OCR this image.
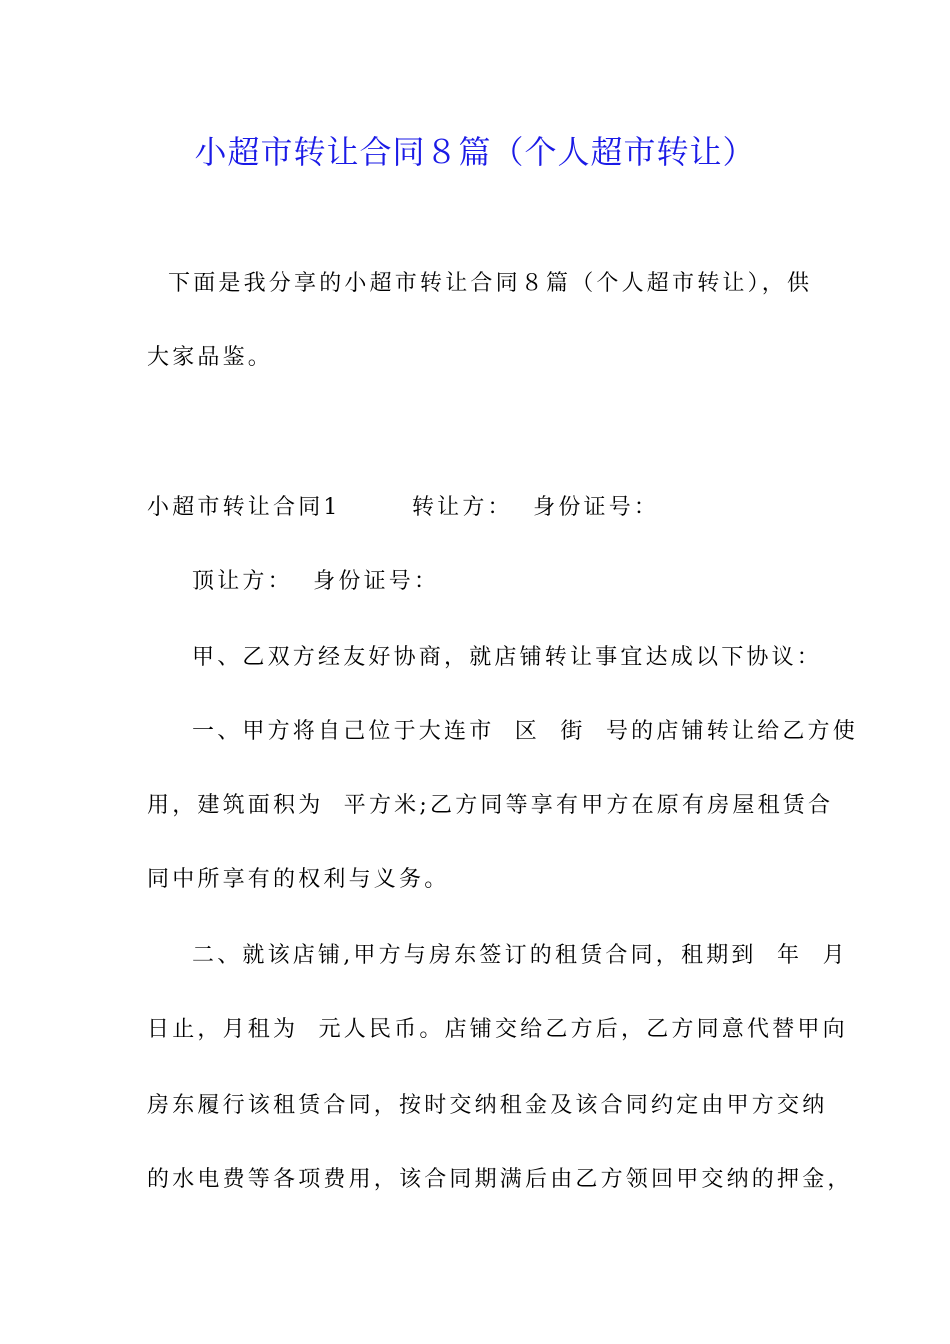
小超市转让合同８篇（个人超市转让）
下面是我分享的小超市转让合同８篇（个人超市转让），供
大家品鉴。
小超市转让合同1       转让方：  身份证号：
顶让方：  身份证号：
甲、乙双方经友好协商，就店铺转让事宜达成以下协议：
一、甲方将自己位于大连市  区  街  号的店铺转让给乙方使
用，建筑面积为  平方米;乙方同等享有甲方在原有房屋租赁合
同中所享有的权利与义务。
二、就该店铺,甲方与房东签订的租赁合同，租期到  年  月
日止，月租为  元人民币。店铺交给乙方后，乙方同意代替甲向
房东履行该租赁合同，按时交纳租金及该合同约定由甲方交纳
的水电费等各项费用，该合同期满后由乙方领回甲交纳的押金，
